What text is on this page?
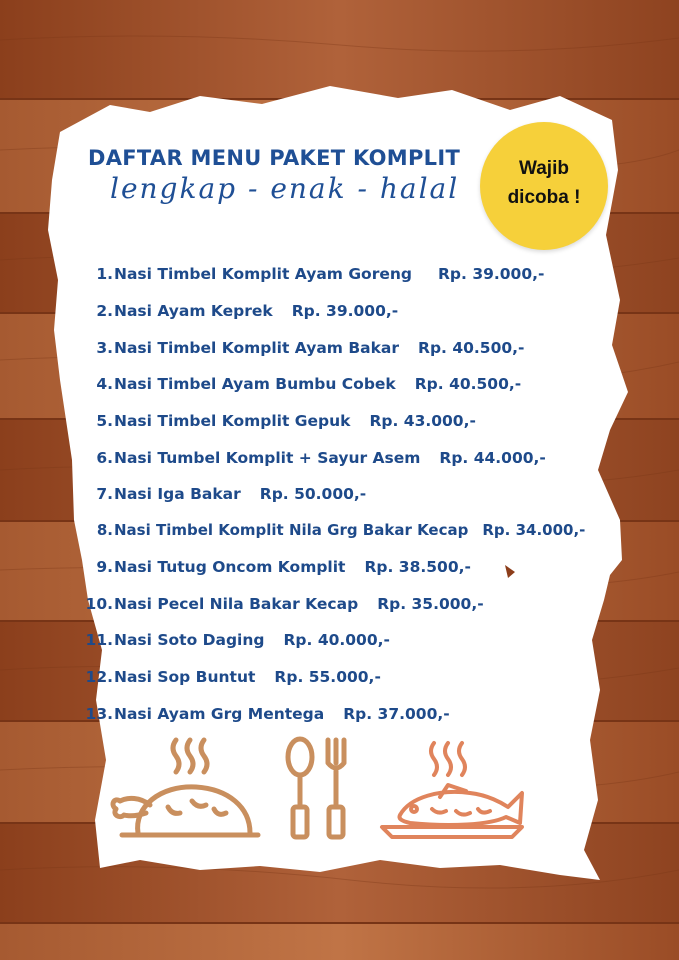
DAFTAR MENU PAKET KOMPLIT
lengkap - enak - halal
Wajib
dicoba !
1. Nasi Timbel Komplit Ayam Goreng Rp. 39.000,-
2. Nasi Ayam Keprek Rp. 39.000,-
3. Nasi Timbel Komplit Ayam Bakar Rp. 40.500,-
4. Nasi Timbel Ayam Bumbu Cobek Rp. 40.500,-
5. Nasi Timbel Komplit Gepuk Rp. 43.000,-
6. Nasi Tumbel Komplit + Sayur Asem Rp. 44.000,-
7. Nasi Iga Bakar Rp. 50.000,-
8. Nasi Timbel Komplit Nila Grg Bakar Kecap Rp. 34.000,-
9. Nasi Tutug Oncom Komplit Rp. 38.500,-
10. Nasi Pecel Nila Bakar Kecap Rp. 35.000,-
11. Nasi Soto Daging Rp. 40.000,-
12. Nasi Sop Buntut Rp. 55.000,-
13. Nasi Ayam Grg Mentega Rp. 37.000,-
